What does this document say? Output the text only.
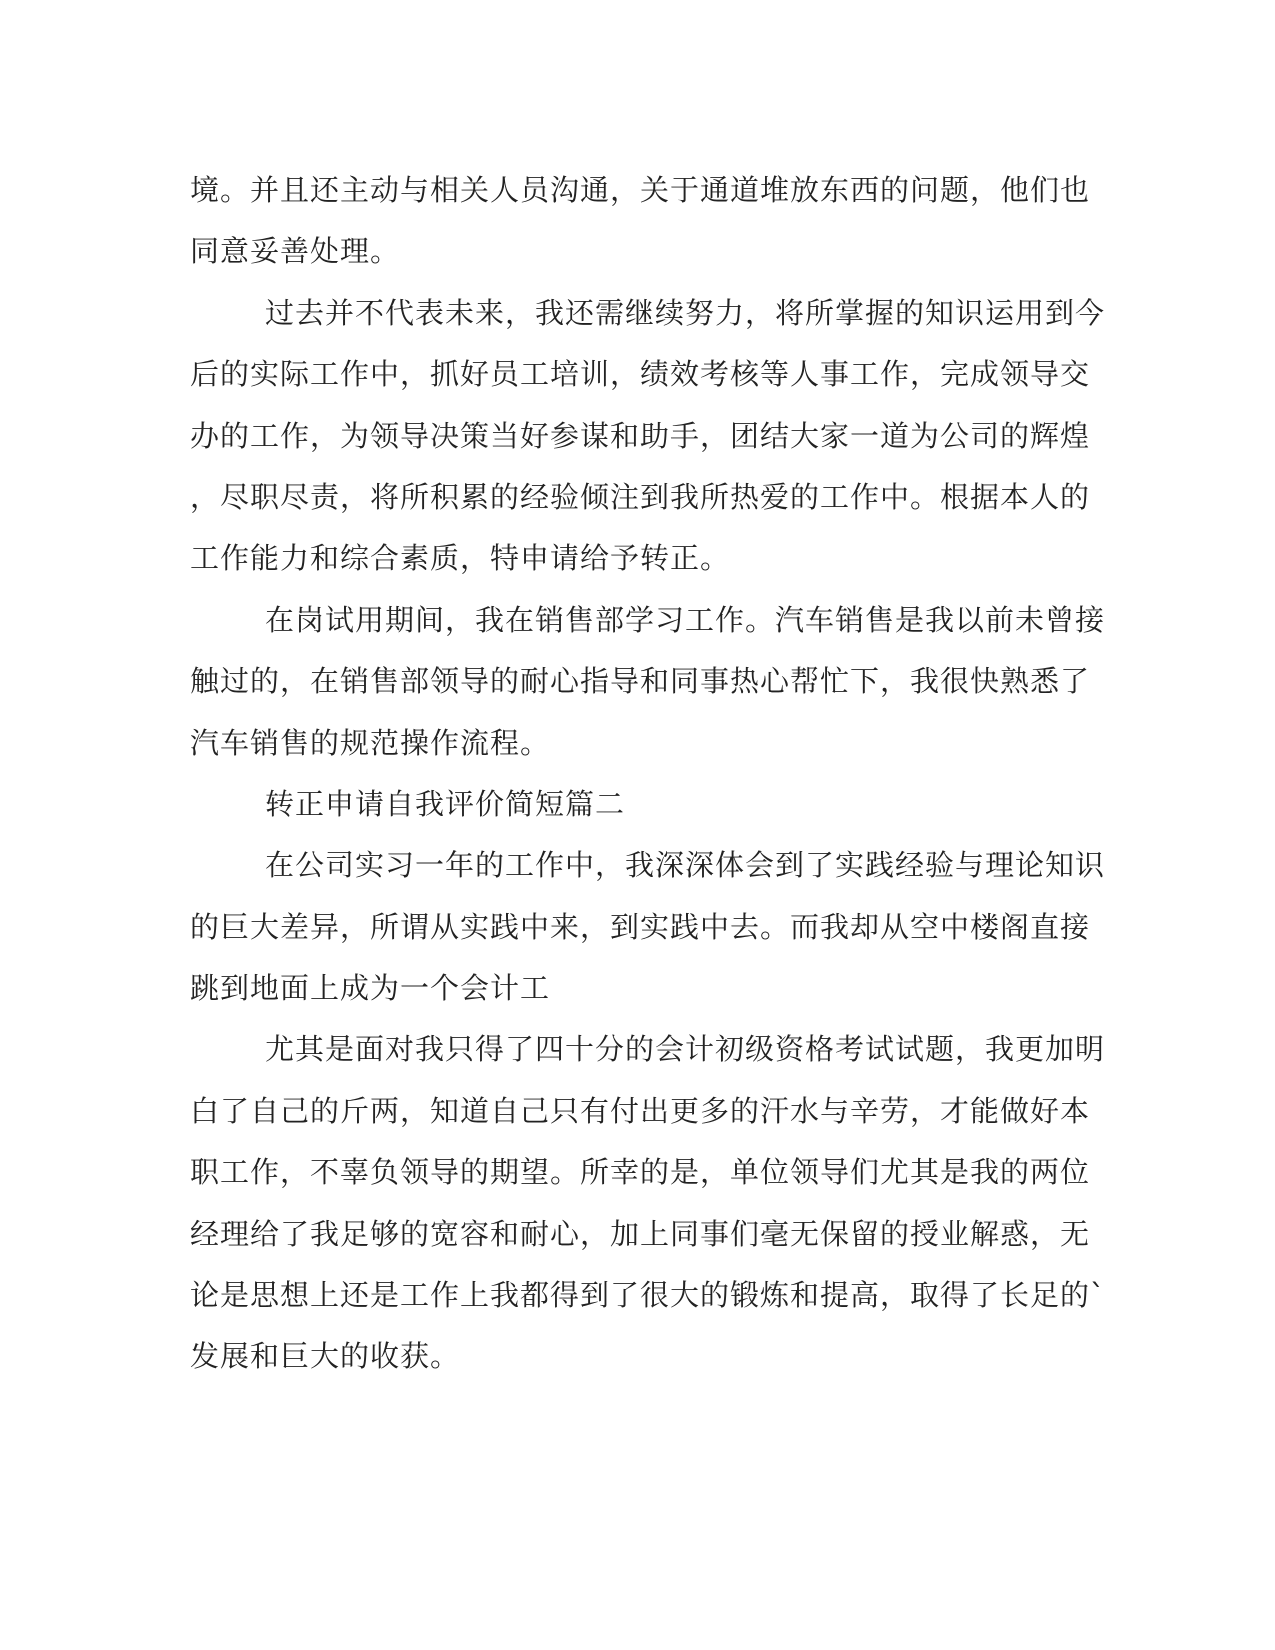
境。并且还主动与相关人员沟通，关于通道堆放东西的问题，他们也
同意妥善处理。
过去并不代表未来，我还需继续努力，将所掌握的知识运用到今
后的实际工作中，抓好员工培训，绩效考核等人事工作，完成领导交
办的工作，为领导决策当好参谋和助手，团结大家一道为公司的辉煌
，尽职尽责，将所积累的经验倾注到我所热爱的工作中。根据本人的
工作能力和综合素质，特申请给予转正。
在岗试用期间，我在销售部学习工作。汽车销售是我以前未曾接
触过的，在销售部领导的耐心指导和同事热心帮忙下，我很快熟悉了
汽车销售的规范操作流程。
转正申请自我评价简短篇二
在公司实习一年的工作中，我深深体会到了实践经验与理论知识
的巨大差异，所谓从实践中来，到实践中去。而我却从空中楼阁直接
跳到地面上成为一个会计工
尤其是面对我只得了四十分的会计初级资格考试试题，我更加明
白了自己的斤两，知道自己只有付出更多的汗水与辛劳，才能做好本
职工作，不辜负领导的期望。所幸的是，单位领导们尤其是我的两位
经理给了我足够的宽容和耐心，加上同事们毫无保留的授业解惑，无
论是思想上还是工作上我都得到了很大的锻炼和提高，取得了长足的`
发展和巨大的收获。
